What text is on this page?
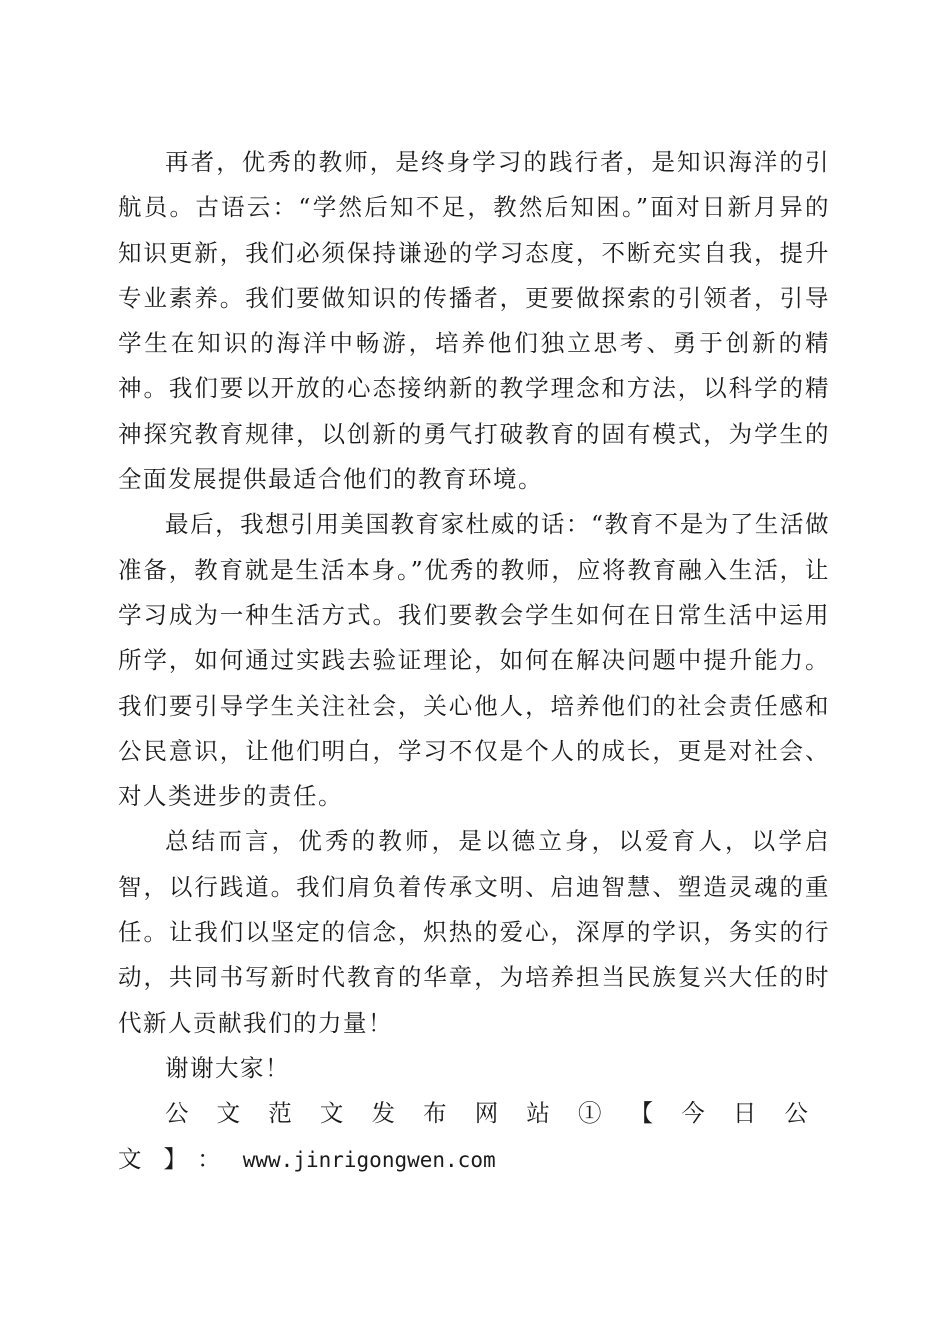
再者，优秀的教师，是终身学习的践行者，是知识海洋的引航员。古语云：“学然后知不足，教然后知困。”面对日新月异的知识更新，我们必须保持谦逊的学习态度，不断充实自我，提升专业素养。我们要做知识的传播者，更要做探索的引领者，引导学生在知识的海洋中畅游，培养他们独立思考、勇于创新的精神。我们要以开放的心态接纳新的教学理念和方法，以科学的精神探究教育规律，以创新的勇气打破教育的固有模式，为学生的全面发展提供最适合他们的教育环境。

最后，我想引用美国教育家杜威的话：“教育不是为了生活做准备，教育就是生活本身。”优秀的教师，应将教育融入生活，让学习成为一种生活方式。我们要教会学生如何在日常生活中运用所学，如何通过实践去验证理论，如何在解决问题中提升能力。我们要引导学生关注社会，关心他人，培养他们的社会责任感和公民意识，让他们明白，学习不仅是个人的成长，更是对社会、对人类进步的责任。

总结而言，优秀的教师，是以德立身，以爱育人，以学启智，以行践道。我们肩负着传承文明、启迪智慧、塑造灵魂的重任。让我们以坚定的信念，炽热的爱心，深厚的学识，务实的行动，共同书写新时代教育的华章，为培养担当民族复兴大任的时代新人贡献我们的力量！

谢谢大家！

公文范文发布网站①【今日公文】：www.jinrigongwen.com
